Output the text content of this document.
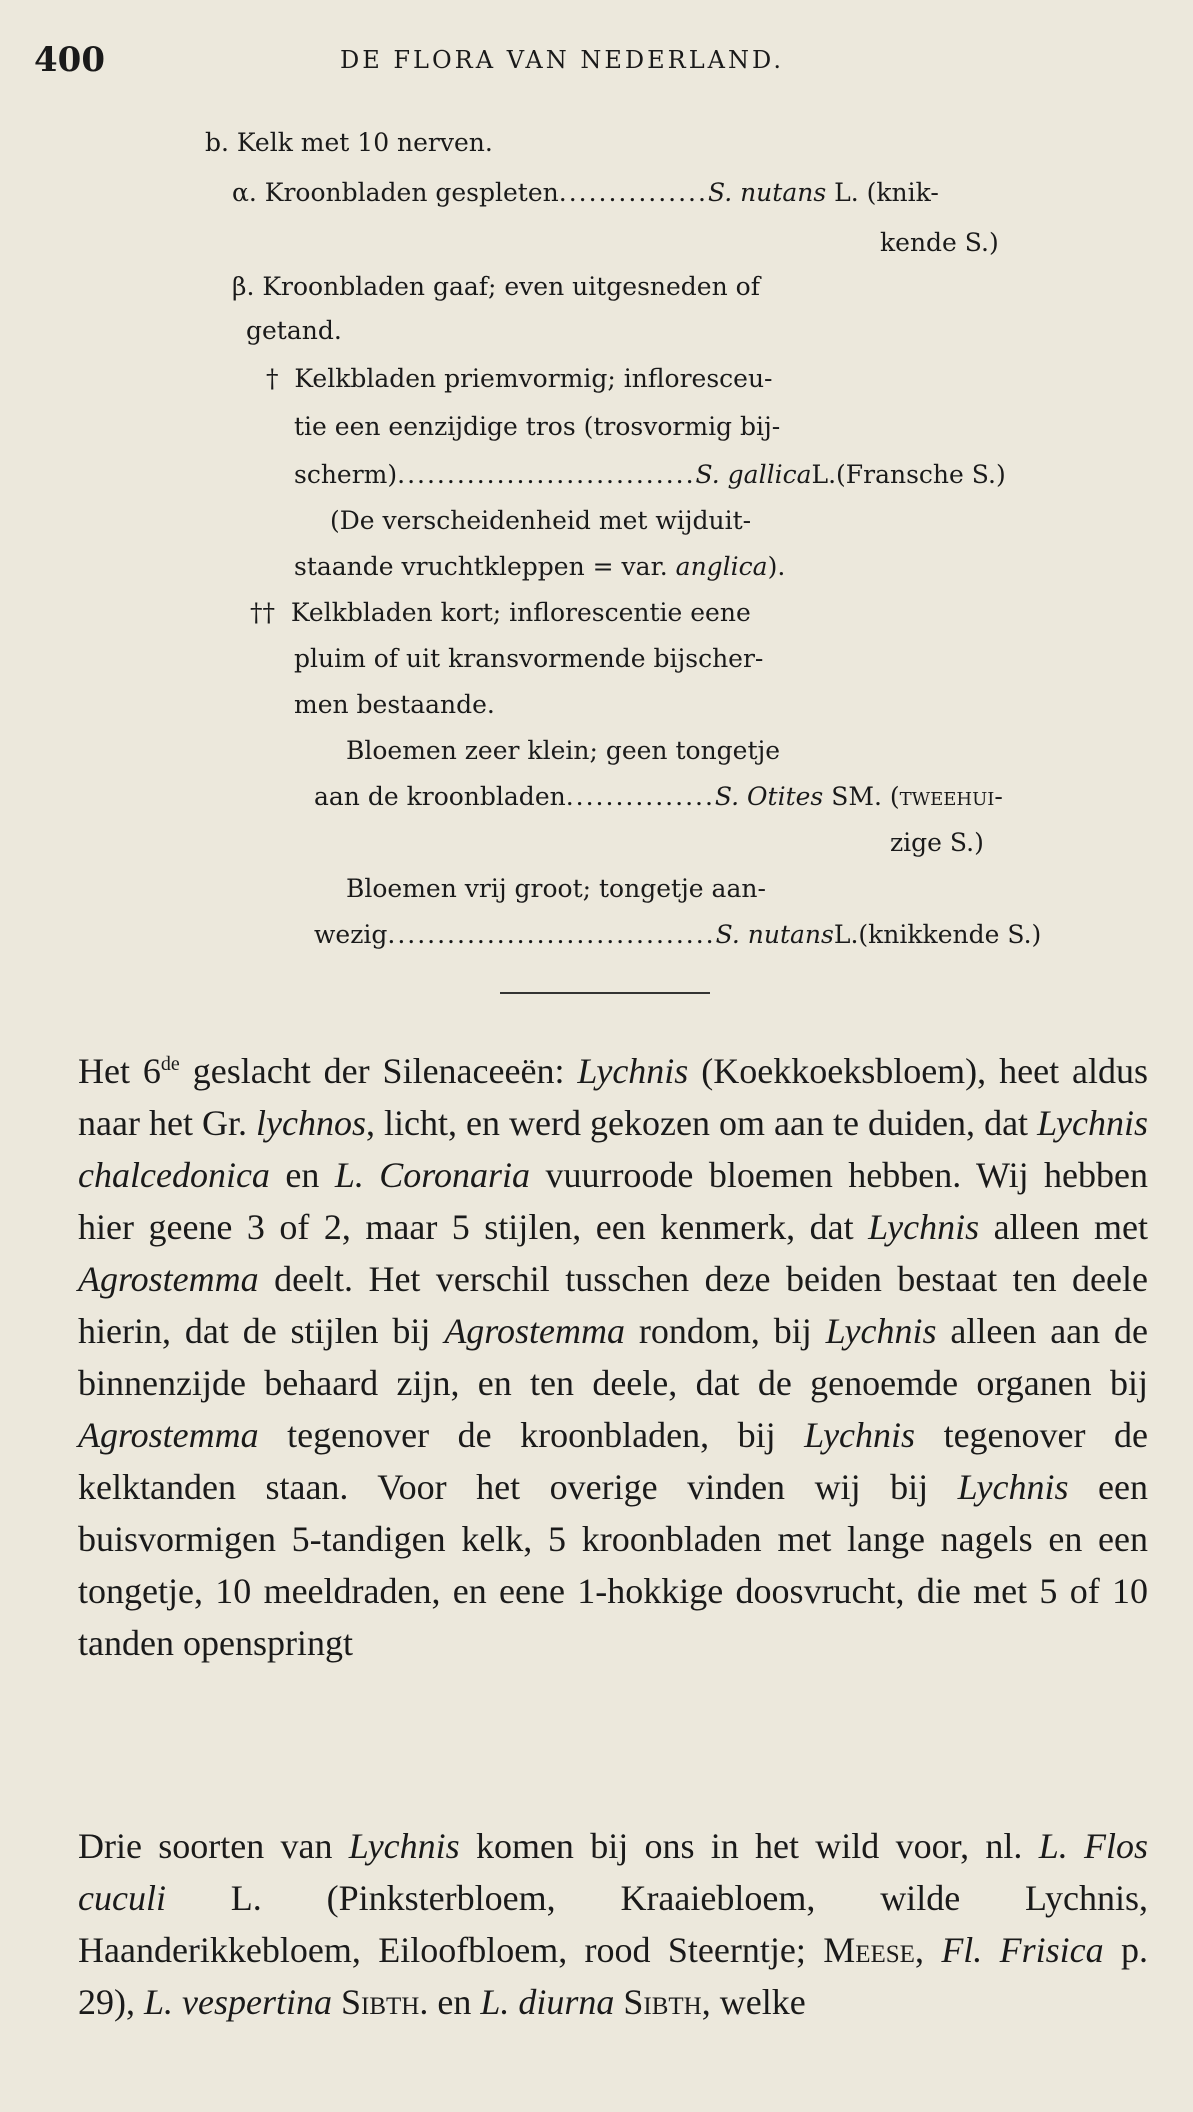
400	DE FLORA VAN NEDERLAND.
b. Kelk met 10 nerven.
α. Kroonbladen gespleten...............S. nutans L. (knik-
kende S.)
β. Kroonbladen gaaf; even uitgesneden of
getand.
† Kelkbladen priemvormig; infloresceu-
tie een eenzijdige tros (trosvormig bij-
scherm)..............................S. gallicaL.(Fransche S.)
(De verscheidenheid met wijduit-
staande vruchtkleppen = var. anglica).
†† Kelkbladen kort; inflorescentie eene
pluim of uit kransvormende bijscher-
men bestaande.
Bloemen zeer klein; geen tongetje
aan de kroonbladen...............S. Otites SM. (tweehui-
zige S.)
Bloemen vrij groot; tongetje aan-
wezig.................................S. nutansL.(knikkende S.)

Het 6de geslacht der Silenaceeën: Lychnis (Koekkoeksbloem), heet aldus naar het Gr. lychnos, licht, en werd gekozen om aan te duiden, dat Lychnis chalcedonica en L. Coronaria vuurroode bloemen hebben. Wij hebben hier geene 3 of 2, maar 5 stijlen, een kenmerk, dat Lychnis alleen met Agrostemma deelt. Het verschil tusschen deze beiden bestaat ten deele hierin, dat de stijlen bij Agrostemma rondom, bij Lychnis alleen aan de binnenzijde behaard zijn, en ten deele, dat de genoemde organen bij Agrostemma tegenover de kroonbladen, bij Lychnis tegenover de kelktanden staan. Voor het overige vinden wij bij Lychnis een buisvormigen 5-tandigen kelk, 5 kroonbladen met lange nagels en een tongetje, 10 meeldraden, en eene 1-hokkige doosvrucht, die met 5 of 10 tanden openspringt

Drie soorten van Lychnis komen bij ons in het wild voor, nl. L. Flos cuculi L. (Pinksterbloem, Kraaiebloem, wilde Lychnis, Haanderikkebloem, Eiloofbloem, rood Steerntje; Meese, Fl. Frisica p. 29), L. vespertina Sibth. en L. diurna Sibth, welke
